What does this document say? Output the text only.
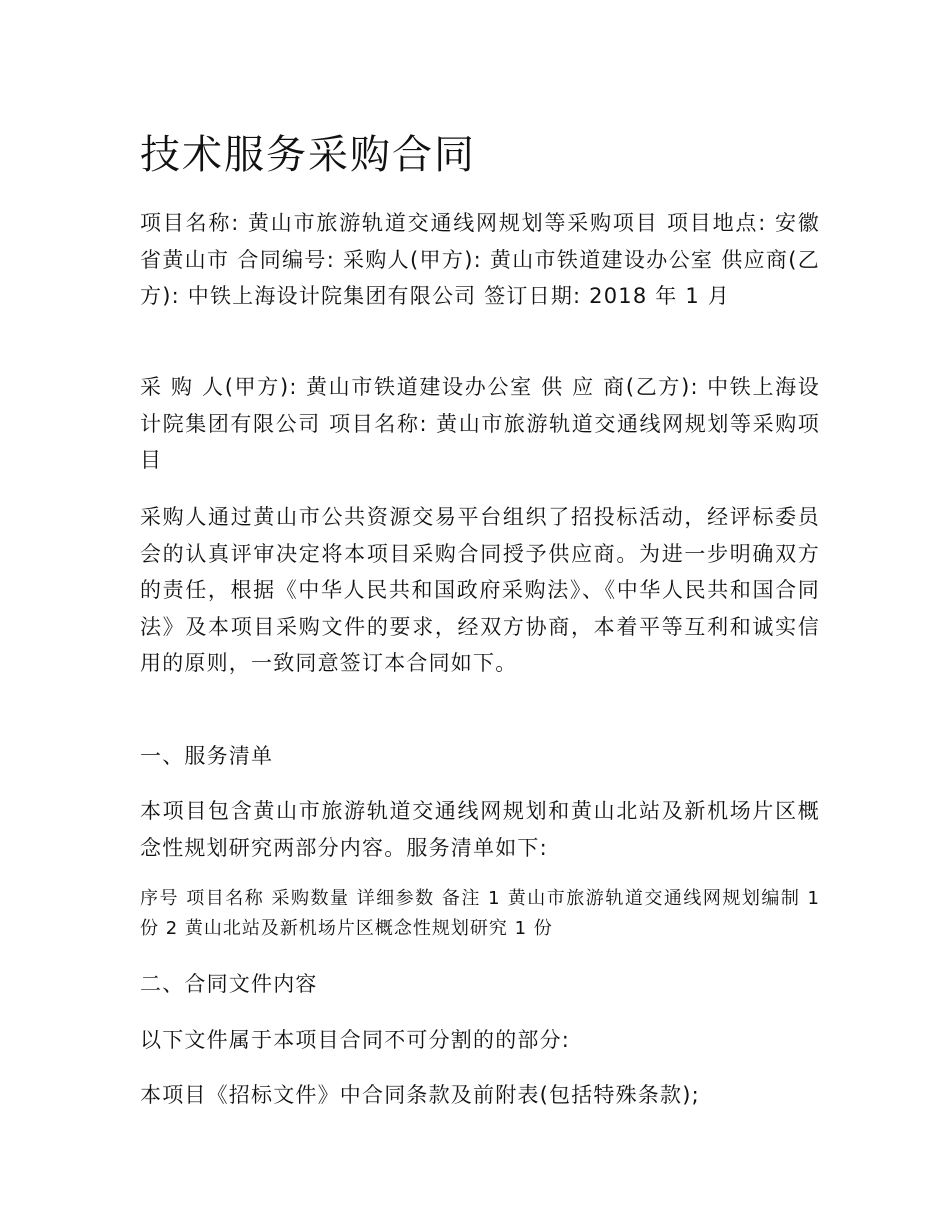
技术服务采购合同

项目名称: 黄山市旅游轨道交通线网规划等采购项目 项目地点: 安徽省黄山市 合同编号: 采购人(甲方): 黄山市铁道建设办公室 供应商(乙方): 中铁上海设计院集团有限公司 签订日期: 2018 年 1 月

采 购 人(甲方): 黄山市铁道建设办公室 供 应 商(乙方): 中铁上海设计院集团有限公司 项目名称: 黄山市旅游轨道交通线网规划等采购项目

采购人通过黄山市公共资源交易平台组织了招投标活动，经评标委员会的认真评审决定将本项目采购合同授予供应商。为进一步明确双方的责任，根据《中华人民共和国政府采购法》、《中华人民共和国合同法》及本项目采购文件的要求，经双方协商，本着平等互利和诚实信用的原则，一致同意签订本合同如下。

一、服务清单

本项目包含黄山市旅游轨道交通线网规划和黄山北站及新机场片区概念性规划研究两部分内容。服务清单如下:

序号 项目名称 采购数量 详细参数 备注 1 黄山市旅游轨道交通线网规划编制 1 份 2 黄山北站及新机场片区概念性规划研究 1 份

二、合同文件内容

以下文件属于本项目合同不可分割的的部分:

本项目《招标文件》中合同条款及前附表(包括特殊条款);
